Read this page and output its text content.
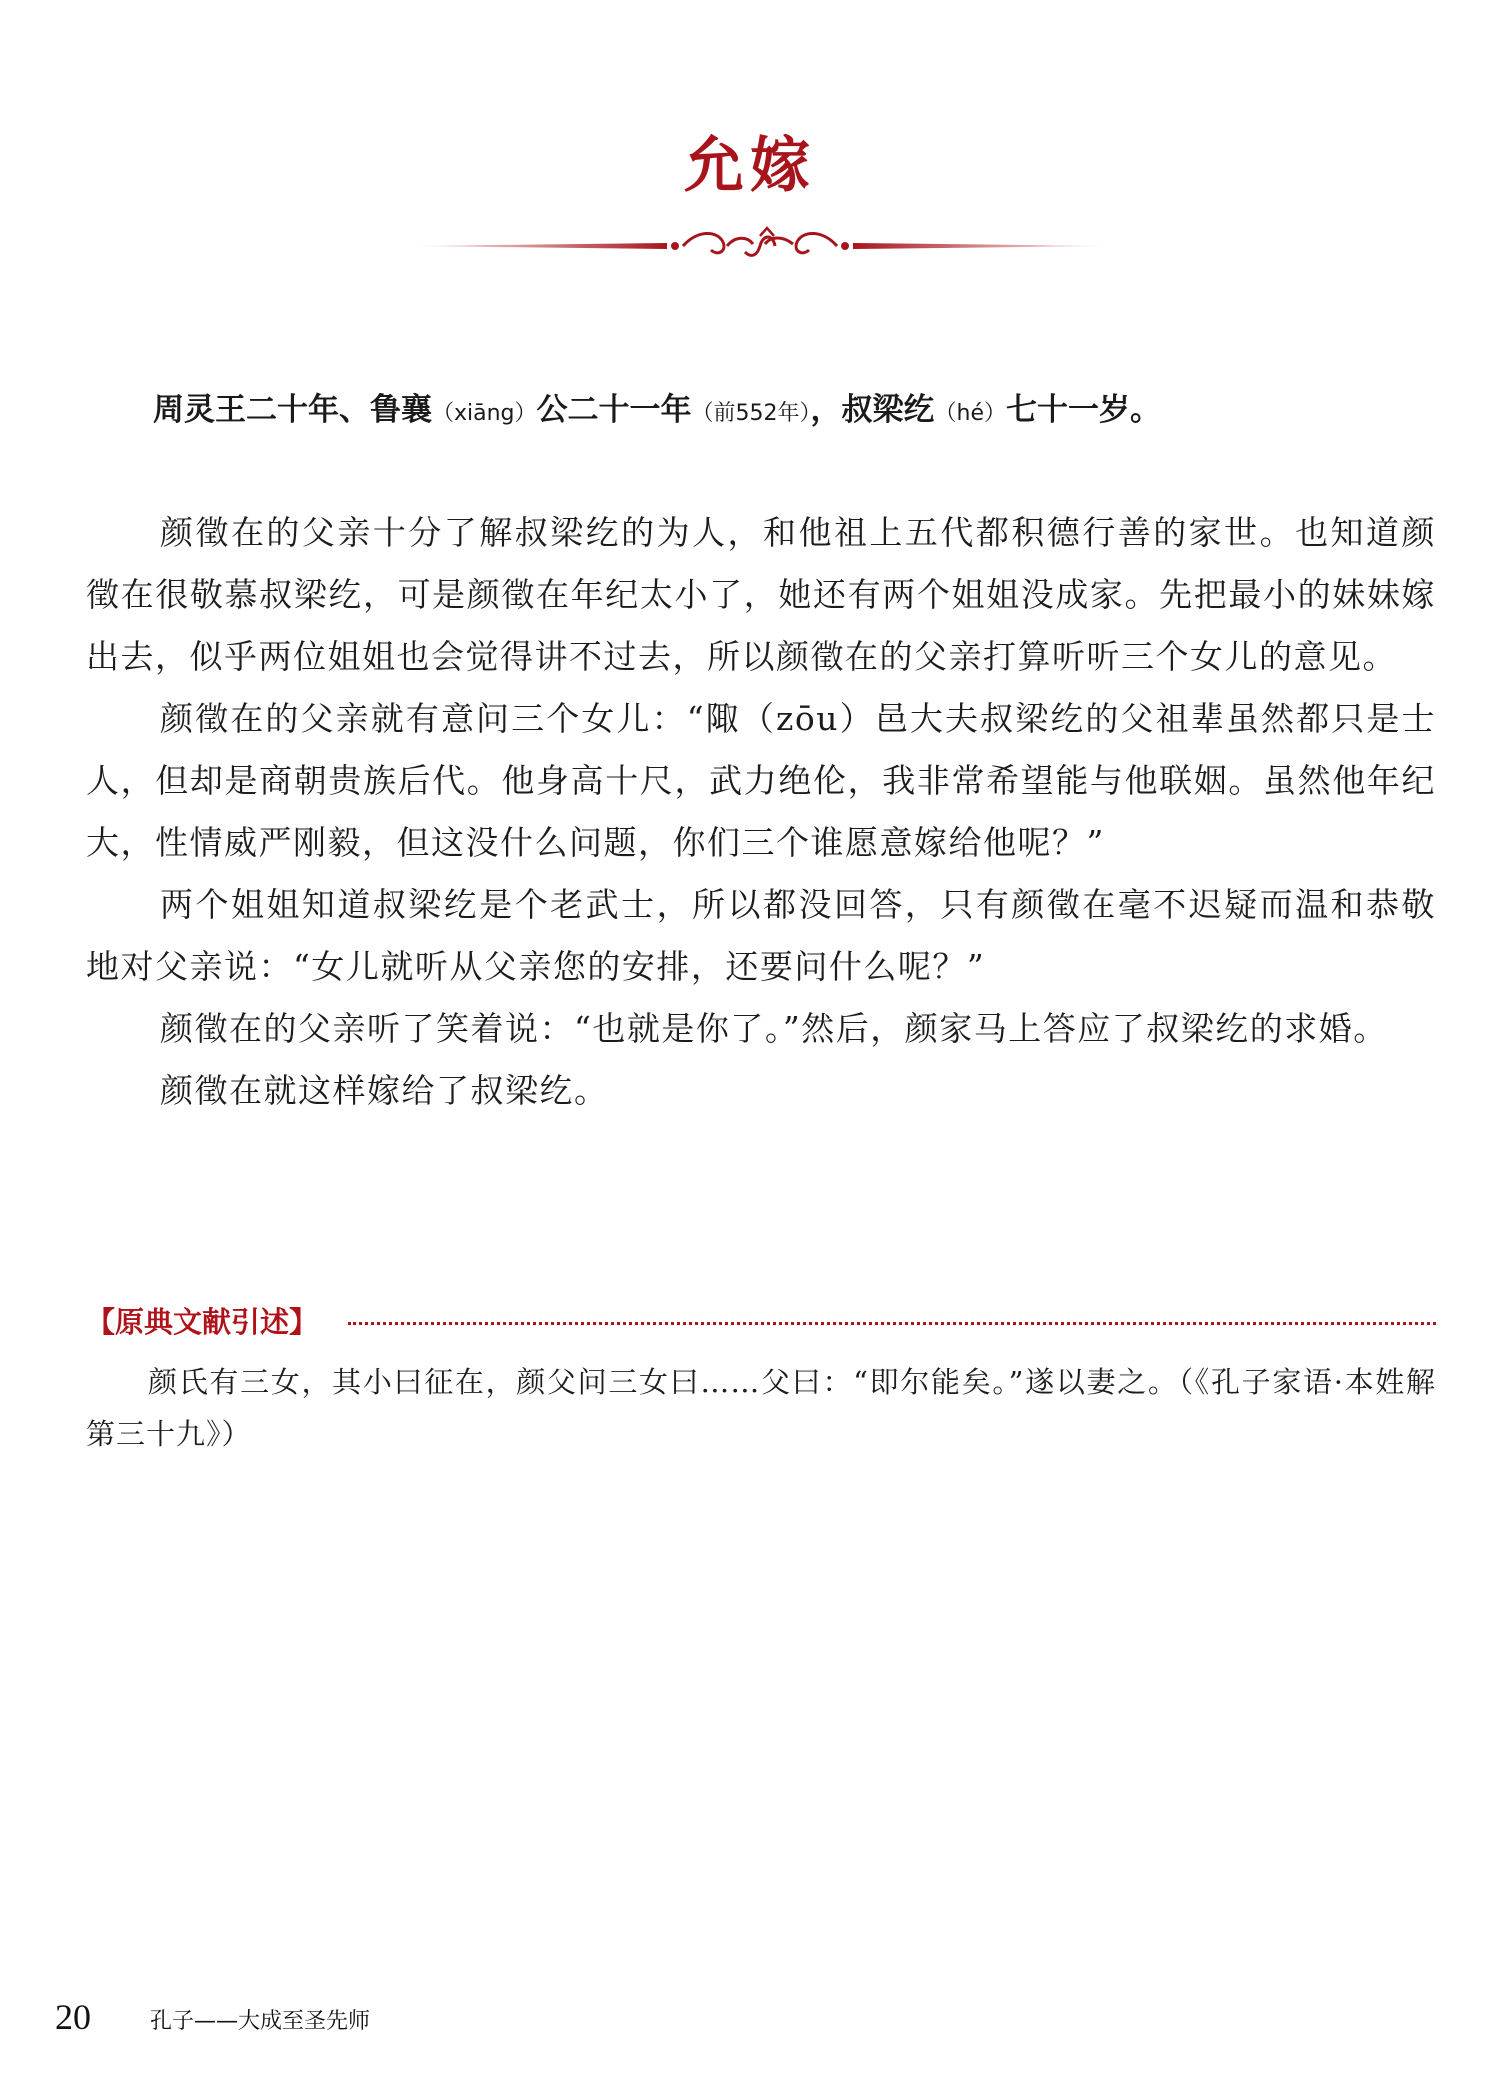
允嫁
周灵王二十年、鲁襄（xiāng）公二十一年（前552年），叔梁纥（hé）七十一岁。

颜徵在的父亲十分了解叔梁纥的为人，和他祖上五代都积德行善的家世。也知道颜徵在很敬慕叔梁纥，可是颜徵在年纪太小了，她还有两个姐姐没成家。先把最小的妹妹嫁出去，似乎两位姐姐也会觉得讲不过去，所以颜徵在的父亲打算听听三个女儿的意见。

颜徵在的父亲就有意问三个女儿：“陬（zōu）邑大夫叔梁纥的父祖辈虽然都只是士人，但却是商朝贵族后代。他身高十尺，武力绝伦，我非常希望能与他联姻。虽然他年纪大，性情威严刚毅，但这没什么问题，你们三个谁愿意嫁给他呢？”

两个姐姐知道叔梁纥是个老武士，所以都没回答，只有颜徵在毫不迟疑而温和恭敬地对父亲说：“女儿就听从父亲您的安排，还要问什么呢？”

颜徵在的父亲听了笑着说：“也就是你了。”然后，颜家马上答应了叔梁纥的求婚。

颜徵在就这样嫁给了叔梁纥。

【原典文献引述】

颜氏有三女，其小曰征在，颜父问三女曰……父曰：“即尔能矣。”遂以妻之。（《孔子家语·本姓解第三十九》）

20	孔子——大成至圣先师
